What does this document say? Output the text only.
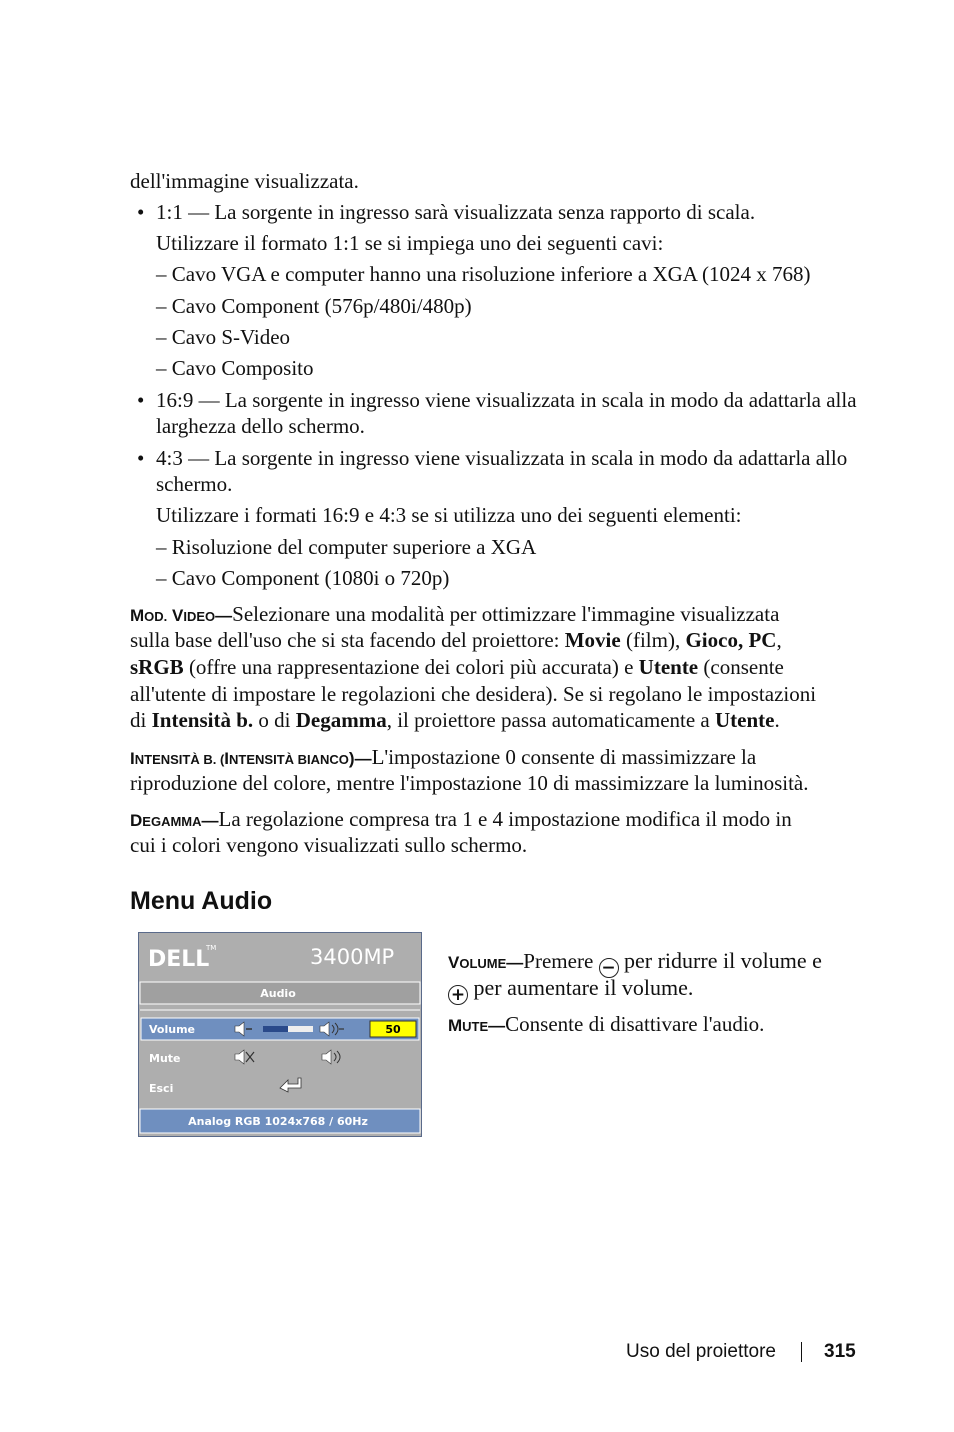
dell'immagine visualizzata.
• 1:1 — La sorgente in ingresso sarà visualizzata senza rapporto di scala.
Utilizzare il formato 1:1 se si impiega uno dei seguenti cavi:
– Cavo VGA e computer hanno una risoluzione inferiore a XGA (1024 x 768)
– Cavo Component (576p/480i/480p)
– Cavo S-Video
– Cavo Composito
• 16:9 — La sorgente in ingresso viene visualizzata in scala in modo da adattarla alla
larghezza dello schermo.
• 4:3 — La sorgente in ingresso viene visualizzata in scala in modo da adattarla allo
schermo.
Utilizzare i formati 16:9 e 4:3 se si utilizza uno dei seguenti elementi:
– Risoluzione del computer superiore a XGA
– Cavo Component (1080i o 720p)
MOD. VIDEO—Selezionare una modalità per ottimizzare l'immagine visualizzata
sulla base dell'uso che si sta facendo del proiettore: Movie (film), Gioco, PC,
sRGB (offre una rappresentazione dei colori più accurata) e Utente (consente
all'utente di impostare le regolazioni che desidera). Se si regolano le impostazioni
di Intensità b. o di Degamma, il proiettore passa automaticamente a Utente.
INTENSITÀ B. (INTENSITÀ BIANCO)—L'impostazione 0 consente di massimizzare la
riproduzione del colore, mentre l'impostazione 10 di massimizzare la luminosità.
DEGAMMA—La regolazione compresa tra 1 e 4 impostazione modifica il modo in
cui i colori vengono visualizzati sullo schermo.
Menu Audio
DELL
TM	3400MP
Audio
Volume	50
Mute
Esci
Analog RGB 1024x768 / 60Hz
VOLUME—Premere − per ridurre il volume e
+ per aumentare il volume.
MUTE—Consente di disattivare l'audio.
Uso del proiettore	315
